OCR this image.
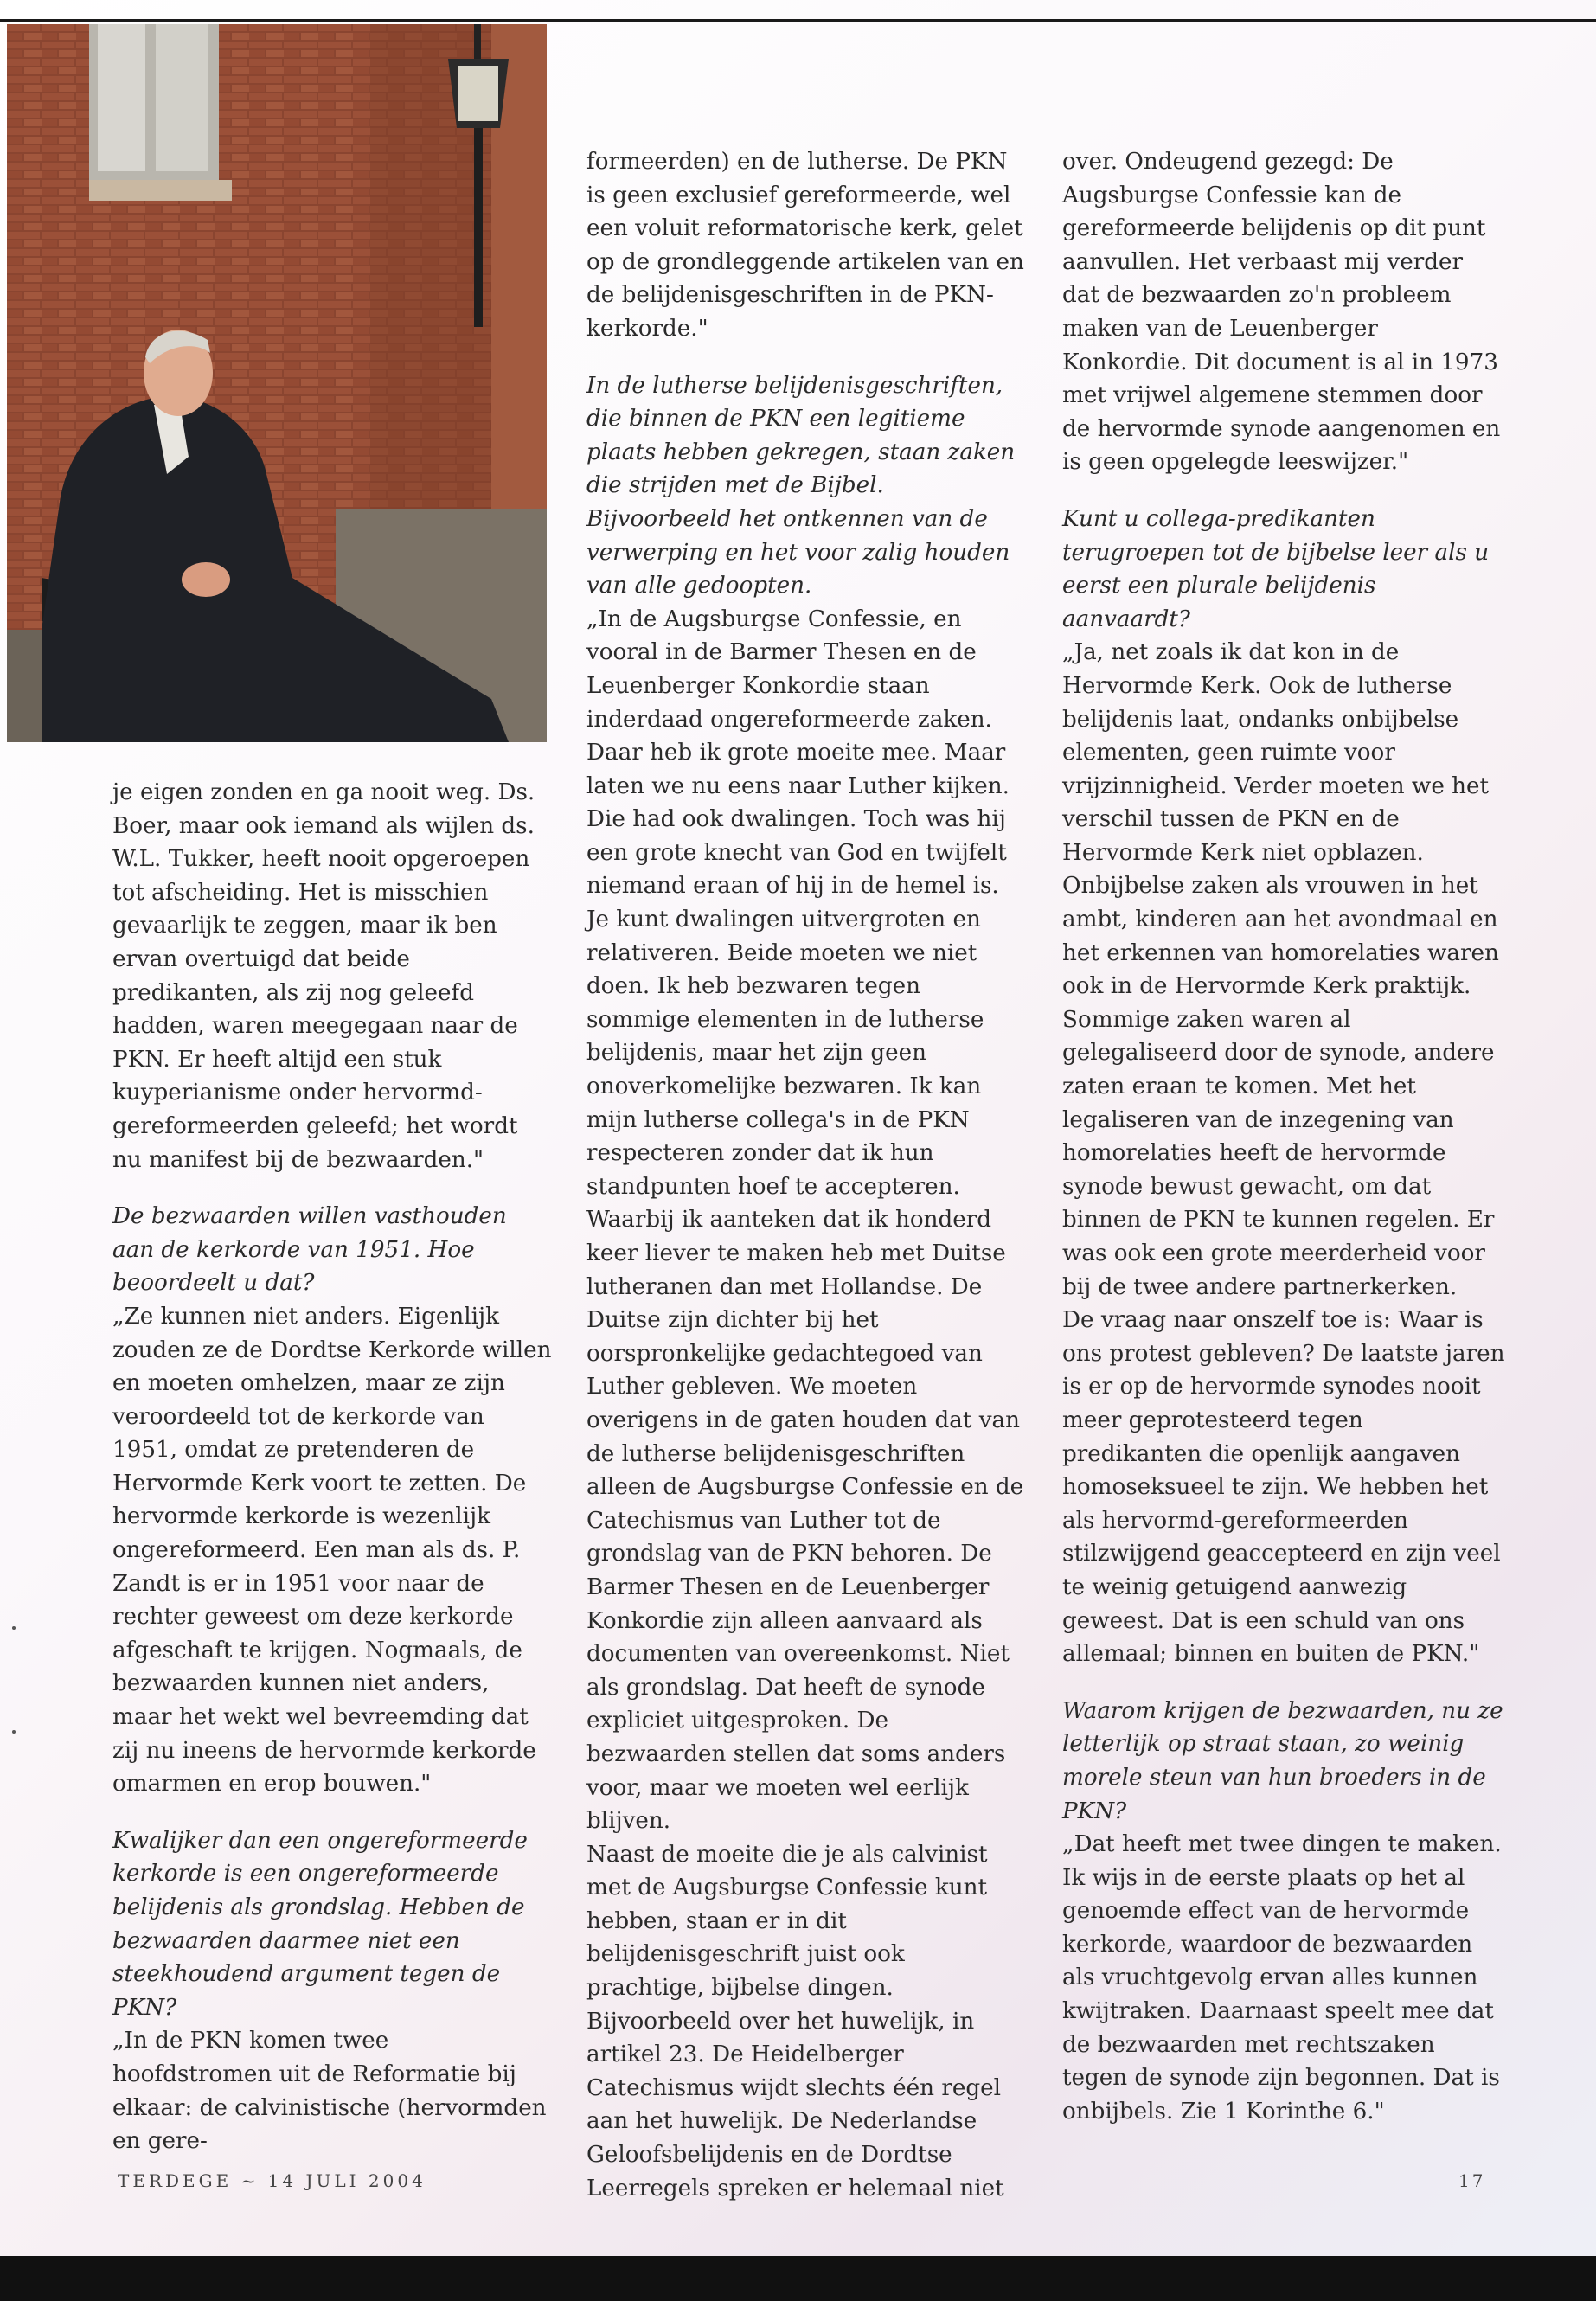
je eigen zonden en ga nooit weg. Ds. Boer, maar ook iemand als wijlen ds. W.L. Tukker, heeft nooit opgeroepen tot afscheiding. Het is misschien gevaarlijk te zeggen, maar ik ben ervan overtuigd dat beide predikanten, als zij nog geleefd hadden, waren meegegaan naar de PKN. Er heeft altijd een stuk kuyperianisme onder hervormd-gereformeerden geleefd; het wordt nu manifest bij de bezwaarden."

De bezwaarden willen vasthouden aan de kerkorde van 1951. Hoe beoordeelt u dat?

„Ze kunnen niet anders. Eigenlijk zouden ze de Dordtse Kerkorde willen en moeten omhelzen, maar ze zijn veroordeeld tot de kerkorde van 1951, omdat ze pretenderen de Hervormde Kerk voort te zetten. De hervormde kerkorde is wezenlijk ongereformeerd. Een man als ds. P. Zandt is er in 1951 voor naar de rechter geweest om deze kerkorde afgeschaft te krijgen. Nogmaals, de bezwaarden kunnen niet anders, maar het wekt wel bevreemding dat zij nu ineens de hervormde kerkorde omarmen en erop bouwen."

Kwalijker dan een ongereformeerde kerkorde is een ongereformeerde belijdenis als grondslag. Hebben de bezwaarden daarmee niet een steekhoudend argument tegen de PKN?

„In de PKN komen twee hoofdstromen uit de Reformatie bij elkaar: de calvinistische (hervormden en gere-

formeerden) en de lutherse. De PKN is geen exclusief gereformeerde, wel een voluit reformatorische kerk, gelet op de grondleggende artikelen van en de belijdenisgeschriften in de PKN-kerkorde."

In de lutherse belijdenisgeschriften, die binnen de PKN een legitieme plaats hebben gekregen, staan zaken die strijden met de Bijbel. Bijvoorbeeld het ontkennen van de verwerping en het voor zalig houden van alle gedoopten.

„In de Augsburgse Confessie, en vooral in de Barmer Thesen en de Leuenberger Konkordie staan inderdaad ongereformeerde zaken. Daar heb ik grote moeite mee. Maar laten we nu eens naar Luther kijken. Die had ook dwalingen. Toch was hij een grote knecht van God en twijfelt niemand eraan of hij in de hemel is. Je kunt dwalingen uitvergroten en relativeren. Beide moeten we niet doen. Ik heb bezwaren tegen sommige elementen in de lutherse belijdenis, maar het zijn geen onoverkomelijke bezwaren. Ik kan mijn lutherse collega's in de PKN respecteren zonder dat ik hun standpunten hoef te accepteren. Waarbij ik aanteken dat ik honderd keer liever te maken heb met Duitse lutheranen dan met Hollandse. De Duitse zijn dichter bij het oorspronkelijke gedachtegoed van Luther gebleven. We moeten overigens in de gaten houden dat van de lutherse belijdenisgeschriften alleen de Augsburgse Confessie en de Catechismus van Luther tot de grondslag van de PKN behoren. De Barmer Thesen en de Leuenberger Konkordie zijn alleen aanvaard als documenten van overeenkomst. Niet als grondslag. Dat heeft de synode expliciet uitgesproken. De bezwaarden stellen dat soms anders voor, maar we moeten wel eerlijk blijven.

Naast de moeite die je als calvinist met de Augsburgse Confessie kunt hebben, staan er in dit belijdenisgeschrift juist ook prachtige, bijbelse dingen. Bijvoorbeeld over het huwelijk, in artikel 23. De Heidelberger Catechismus wijdt slechts één regel aan het huwelijk. De Nederlandse Geloofsbelijdenis en de Dordtse Leerregels spreken er helemaal niet

over. Ondeugend gezegd: De Augsburgse Confessie kan de gereformeerde belijdenis op dit punt aanvullen. Het verbaast mij verder dat de bezwaarden zo'n probleem maken van de Leuenberger Konkordie. Dit document is al in 1973 met vrijwel algemene stemmen door de hervormde synode aangenomen en is geen opgelegde leeswijzer."

Kunt u collega-predikanten terugroepen tot de bijbelse leer als u eerst een plurale belijdenis aanvaardt?

„Ja, net zoals ik dat kon in de Hervormde Kerk. Ook de lutherse belijdenis laat, ondanks onbijbelse elementen, geen ruimte voor vrijzinnigheid. Verder moeten we het verschil tussen de PKN en de Hervormde Kerk niet opblazen. Onbijbelse zaken als vrouwen in het ambt, kinderen aan het avondmaal en het erkennen van homorelaties waren ook in de Hervormde Kerk praktijk. Sommige zaken waren al gelegaliseerd door de synode, andere zaten eraan te komen. Met het legaliseren van de inzegening van homorelaties heeft de hervormde synode bewust gewacht, om dat binnen de PKN te kunnen regelen. Er was ook een grote meerderheid voor bij de twee andere partnerkerken.

De vraag naar onszelf toe is: Waar is ons protest gebleven? De laatste jaren is er op de hervormde synodes nooit meer geprotesteerd tegen predikanten die openlijk aangaven homoseksueel te zijn. We hebben het als hervormd-gereformeerden stilzwijgend geaccepteerd en zijn veel te weinig getuigend aanwezig geweest. Dat is een schuld van ons allemaal; binnen en buiten de PKN."

Waarom krijgen de bezwaarden, nu ze letterlijk op straat staan, zo weinig morele steun van hun broeders in de PKN?

„Dat heeft met twee dingen te maken. Ik wijs in de eerste plaats op het al genoemde effect van de hervormde kerkorde, waardoor de bezwaarden als vruchtgevolg ervan alles kunnen kwijtraken. Daarnaast speelt mee dat de bezwaarden met rechtszaken tegen de synode zijn begonnen. Dat is onbijbels. Zie 1 Korinthe 6."

TERDEGE ~ 14 JULI 2004	17
